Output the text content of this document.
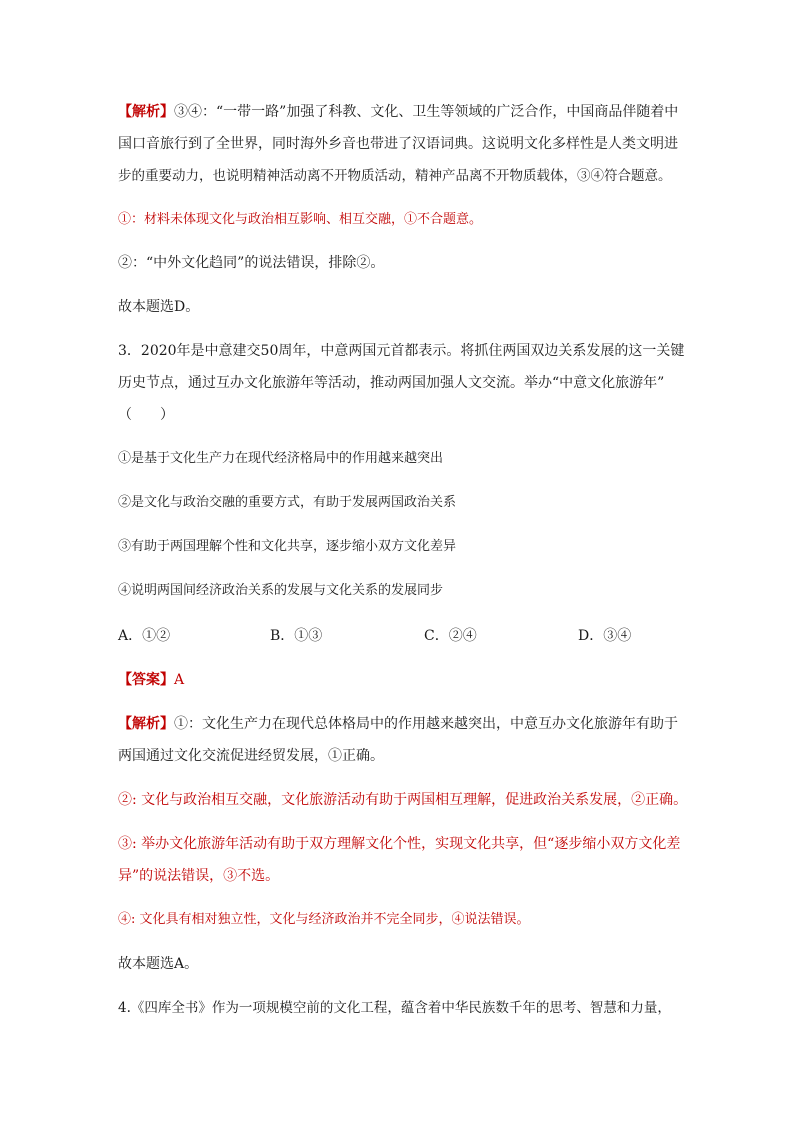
【解析】③④：“一带一路”加强了科教、文化、卫生等领域的广泛合作，中国商品伴随着中
国口音旅行到了全世界，同时海外乡音也带进了汉语词典。这说明文化多样性是人类文明进
步的重要动力，也说明精神活动离不开物质活动，精神产品离不开物质载体，③④符合题意。
①：材料未体现文化与政治相互影响、相互交融，①不合题意。
②：“中外文化趋同”的说法错误，排除②。
故本题选D。
3．2020年是中意建交50周年，中意两国元首都表示。将抓住两国双边关系发展的这一关键
历史节点，通过互办文化旅游年等活动，推动两国加强人文交流。举办“中意文化旅游年”
（　　）
①是基于文化生产力在现代经济格局中的作用越来越突出
②是文化与政治交融的重要方式，有助于发展两国政治关系
③有助于两国理解个性和文化共享，逐步缩小双方文化差异
④说明两国间经济政治关系的发展与文化关系的发展同步
A．①②	B．①③	C．②④	D．③④
【答案】A
【解析】①：文化生产力在现代总体格局中的作用越来越突出，中意互办文化旅游年有助于
两国通过文化交流促进经贸发展，①正确。
②: 文化与政治相互交融，文化旅游活动有助于两国相互理解，促进政治关系发展，②正确。
③: 举办文化旅游年活动有助于双方理解文化个性，实现文化共享，但“逐步缩小双方文化差
异”的说法错误，③不选。
④: 文化具有相对独立性，文化与经济政治并不完全同步，④说法错误。
故本题选A。
4.《四库全书》作为一项规模空前的文化工程，蕴含着中华民族数千年的思考、智慧和力量，
